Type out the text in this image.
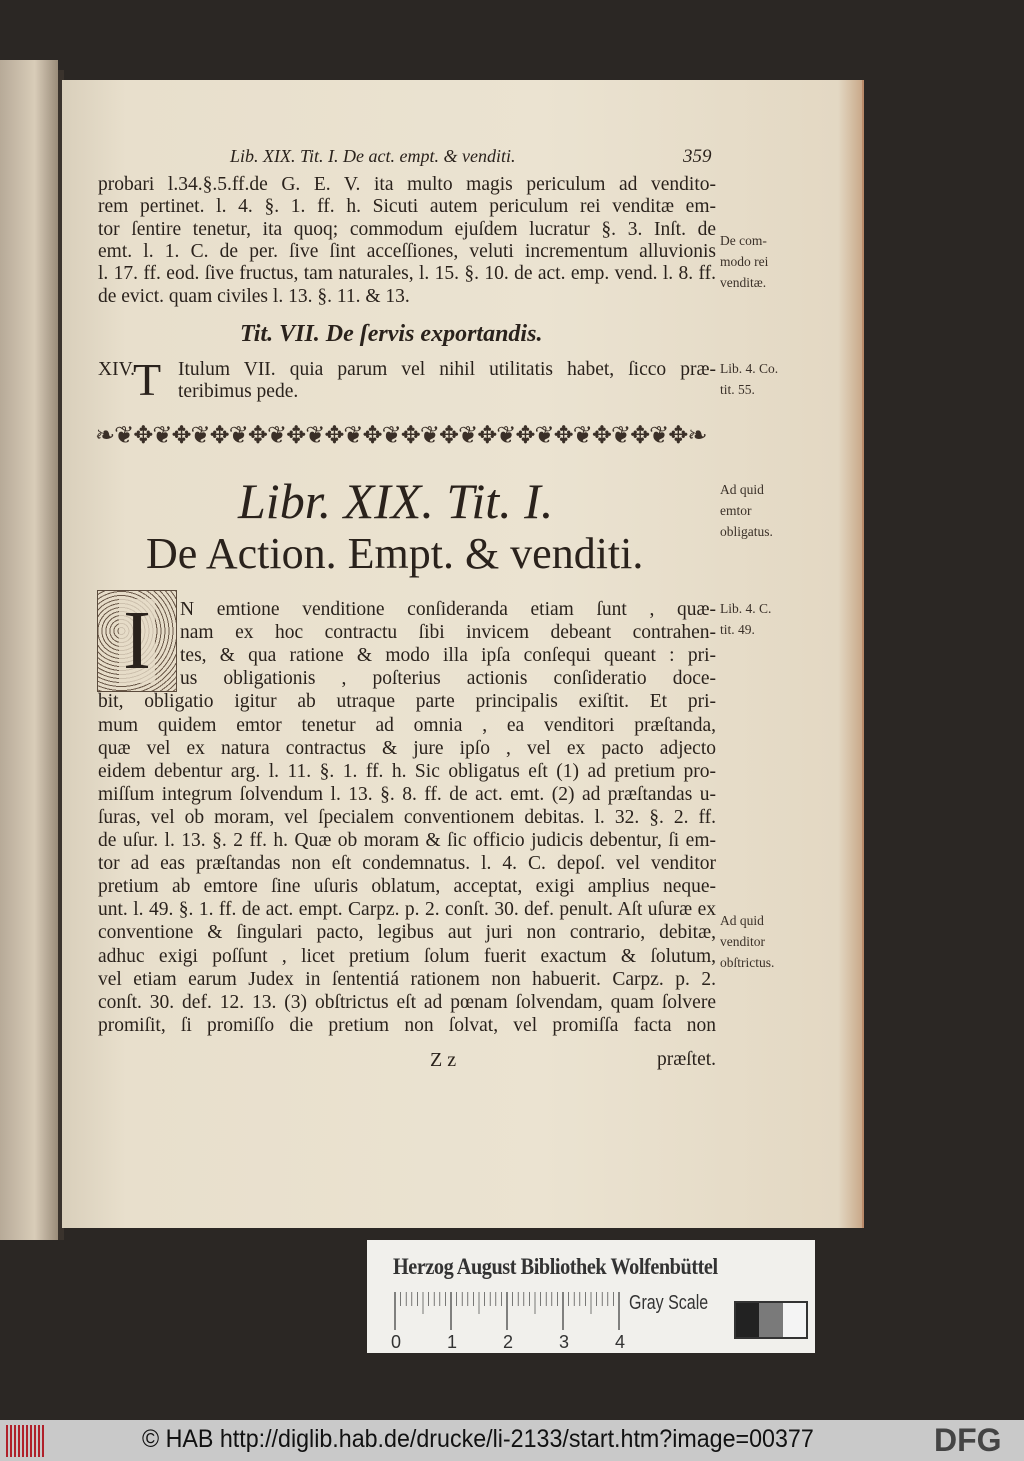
Lib. XIX. Tit. I. De act. empt. & venditi.	359
probari l.34.§.5.ff.de G. E. V. ita multo magis periculum ad vendito-
rem pertinet. l. 4. §. 1. ff. h. Sicuti autem periculum rei venditæ em-
tor ſentire tenetur, ita quoq; commodum ejuſdem lucratur §. 3. Inſt. de
emt. l. 1. C. de per. ſive ſint acceſſiones, veluti incrementum alluvionis
l. 17. ff. eod. ſive fructus, tam naturales, l. 15. §. 10. de act. emp. vend. l. 8. ff.
de evict. quam civiles l. 13. §. 11. & 13.
Tit. VII. De ſervis exportandis.
XIV.
T Itulum VII. quia parum vel nihil utilitatis habet, ſicco præ-
teribimus pede.
❧❦✥❦✥❦✥❦✥❦✥❦✥❦✥❦✥❦✥❦✥❦✥❦✥❦✥❦✥❦✥❧
Libr. XIX. Tit. I.
De Action. Empt. & venditi.
I N emtione venditione conſideranda etiam ſunt , quæ-
nam ex hoc contractu ſibi invicem debeant contrahen-
tes, & qua ratione & modo illa ipſa conſequi queant : pri-
us obligationis , poſterius actionis conſideratio doce-
bit, obligatio igitur ab utraque parte principalis exiſtit. Et pri-
mum quidem emtor tenetur ad omnia , ea venditori præſtanda,
quæ vel ex natura contractus & jure ipſo , vel ex pacto adjecto
eidem debentur arg. l. 11. §. 1. ff. h. Sic obligatus eſt (1) ad pretium pro-
miſſum integrum ſolvendum l. 13. §. 8. ff. de act. emt. (2) ad præſtandas u-
ſuras, vel ob moram, vel ſpecialem conventionem debitas. l. 32. §. 2. ff.
de uſur. l. 13. §. 2 ff. h. Quæ ob moram & ſic officio judicis debentur, ſi em-
tor ad eas præſtandas non eſt condemnatus. l. 4. C. depoſ. vel venditor
pretium ab emtore ſine uſuris oblatum, acceptat, exigi amplius neque-
unt. l. 49. §. 1. ff. de act. empt. Carpz. p. 2. conſt. 30. def. penult. Aſt uſuræ ex
conventione & ſingulari pacto, legibus aut juri non contrario, debitæ,
adhuc exigi poſſunt , licet pretium ſolum fuerit exactum & ſolutum,
vel etiam earum Judex in ſententiá rationem non habuerit. Carpz. p. 2.
conſt. 30. def. 12. 13. (3) obſtrictus eſt ad pœnam ſolvendam, quam ſolvere
promiſit, ſi promiſſo die pretium non ſolvat, vel promiſſa facta non
De com-
modo rei
venditæ.
Lib. 4. Co.
tit. 55.
Ad quid
emtor
obligatus.
Lib. 4. C.
tit. 49.
Ad quid
venditor
obſtrictus.
Z z	præſtet.
Herzog August Bibliothek Wolfenbüttel
0	1	2	3	4
Gray Scale
© HAB http://diglib.hab.de/drucke/li-2133/start.htm?image=00377	DFG
